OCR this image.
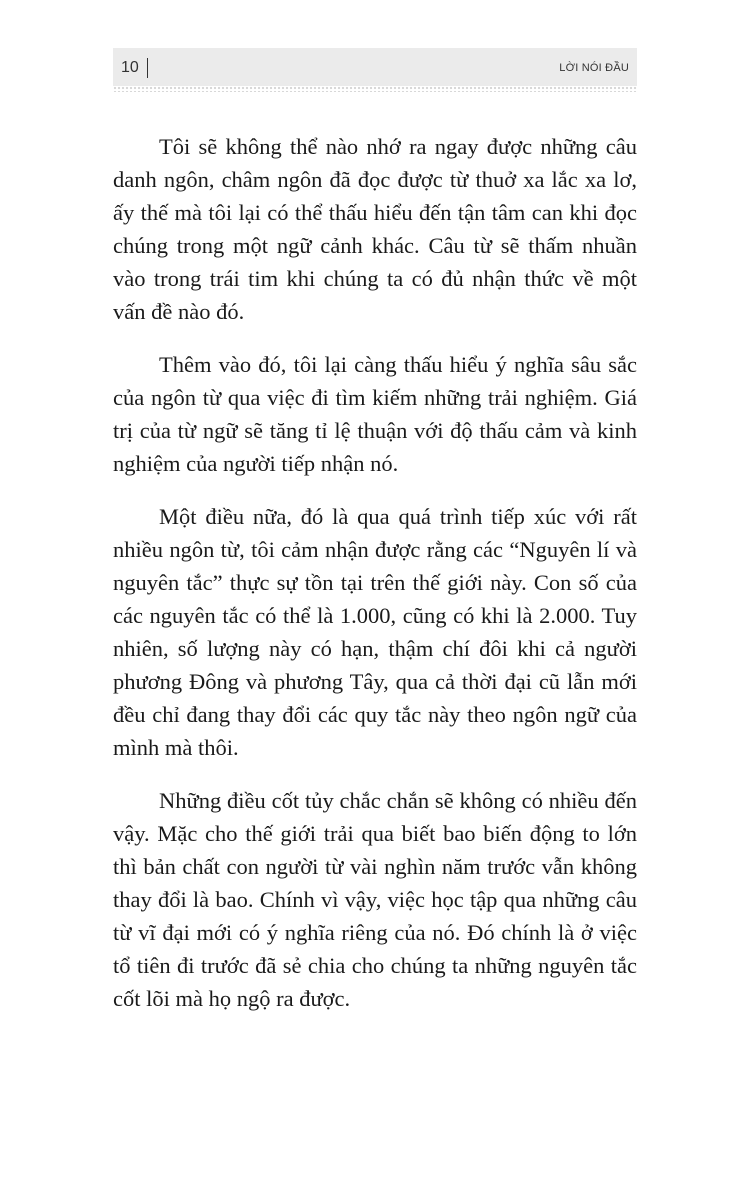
10	LỜI NÓI ĐẦU

Tôi sẽ không thể nào nhớ ra ngay được những câu danh ngôn, châm ngôn đã đọc được từ thuở xa lắc xa lơ, ấy thế mà tôi lại có thể thấu hiểu đến tận tâm can khi đọc chúng trong một ngữ cảnh khác. Câu từ sẽ thấm nhuần vào trong trái tim khi chúng ta có đủ nhận thức về một vấn đề nào đó.

Thêm vào đó, tôi lại càng thấu hiểu ý nghĩa sâu sắc của ngôn từ qua việc đi tìm kiếm những trải nghiệm. Giá trị của từ ngữ sẽ tăng tỉ lệ thuận với độ thấu cảm và kinh nghiệm của người tiếp nhận nó.

Một điều nữa, đó là qua quá trình tiếp xúc với rất nhiều ngôn từ, tôi cảm nhận được rằng các “Nguyên lí và nguyên tắc” thực sự tồn tại trên thế giới này. Con số của các nguyên tắc có thể là 1.000, cũng có khi là 2.000. Tuy nhiên, số lượng này có hạn, thậm chí đôi khi cả người phương Đông và phương Tây, qua cả thời đại cũ lẫn mới đều chỉ đang thay đổi các quy tắc này theo ngôn ngữ của mình mà thôi.

Những điều cốt tủy chắc chắn sẽ không có nhiều đến vậy. Mặc cho thế giới trải qua biết bao biến động to lớn thì bản chất con người từ vài nghìn năm trước vẫn không thay đổi là bao. Chính vì vậy, việc học tập qua những câu từ vĩ đại mới có ý nghĩa riêng của nó. Đó chính là ở việc tổ tiên đi trước đã sẻ chia cho chúng ta những nguyên tắc cốt lõi mà họ ngộ ra được.
